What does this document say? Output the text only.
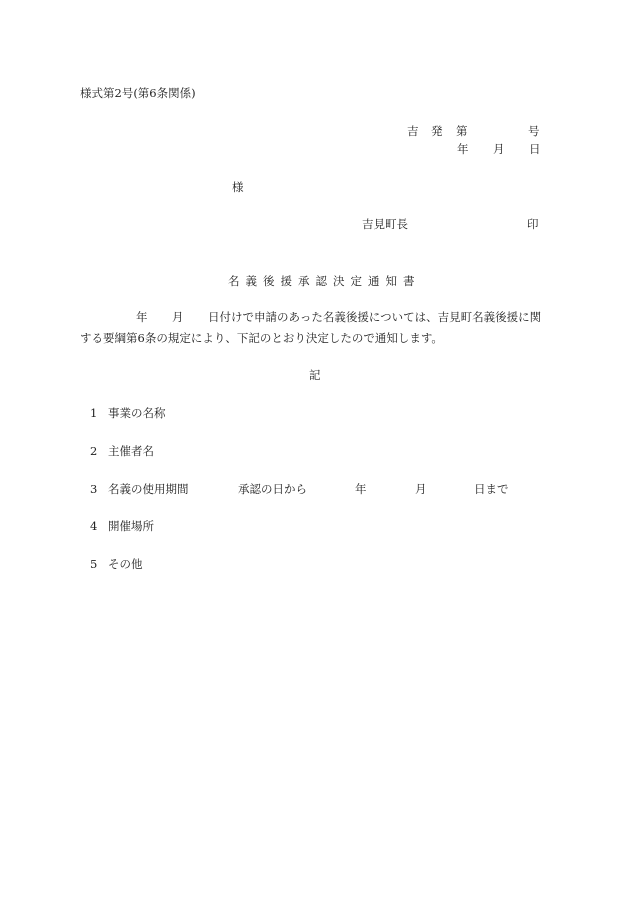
様式第2号(第6条関係)
吉 発 第	号
年 月 日
様
吉見町長	印
名義後援承認決定通知書
年 月 日付けで申請のあった名義後援については、吉見町名義後援に関
する要綱第6条の規定により、下記のとおり決定したので通知します。
記
1 事業の名称
2 主催者名
3 名義の使用期間	承認の日から	年	月	日まで
4 開催場所
5 その他
